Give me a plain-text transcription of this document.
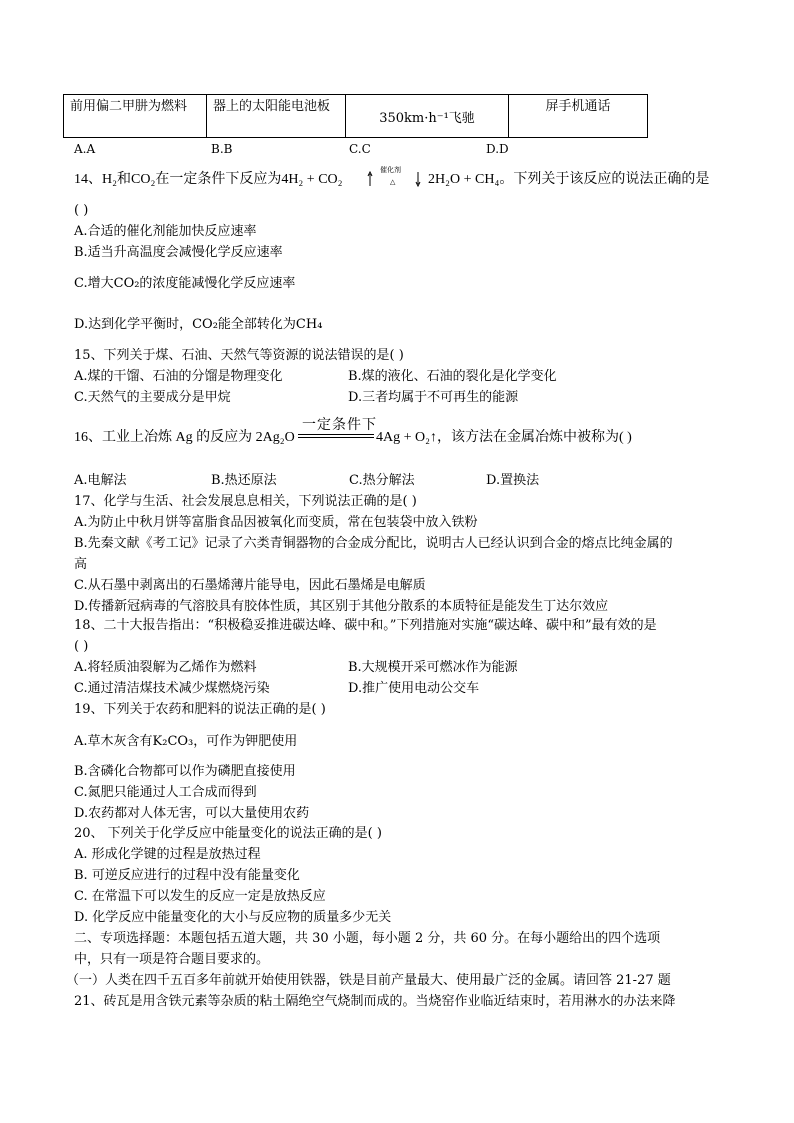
前用偏二甲肼为燃料	器上的太阳能电池板	350km·h⁻¹飞驰	屏手机通话
A.A	B.B	C.C	D.D
14、H₂和CO₂在一定条件下反应为4H₂ + CO₂
催化剂
△ 2H₂O + CH₄。下列关于该反应的说法正确的是
( )
A.合适的催化剂能加快反应速率
B.适当升高温度会减慢化学反应速率
C.增大CO₂的浓度能减慢化学反应速率
D.达到化学平衡时，CO₂能全部转化为CH₄
15、下列关于煤、石油、天然气等资源的说法错误的是( )
A.煤的干馏、石油的分馏是物理变化	B.煤的液化、石油的裂化是化学变化
C.天然气的主要成分是甲烷	D.三者均属于不可再生的能源
16、工业上冶炼 Ag 的反应为 2Ag₂O
一定条件下
4Ag + O₂↑，该方法在金属冶炼中被称为( )
A.电解法	B.热还原法	C.热分解法	D.置换法
17、化学与生活、社会发展息息相关，下列说法正确的是( )
A.为防止中秋月饼等富脂食品因被氧化而变质，常在包装袋中放入铁粉
B.先秦文献《考工记》记录了六类青铜器物的合金成分配比，说明古人已经认识到合金的熔点比纯金属的
高
C.从石墨中剥离出的石墨烯薄片能导电，因此石墨烯是电解质
D.传播新冠病毒的气溶胶具有胶体性质，其区别于其他分散系的本质特征是能发生丁达尔效应
18、二十大报告指出：“积极稳妥推进碳达峰、碳中和。”下列措施对实施“碳达峰、碳中和”最有效的是
( )
A.将轻质油裂解为乙烯作为燃料	B.大规模开采可燃冰作为能源
C.通过清洁煤技术减少煤燃烧污染	D.推广使用电动公交车
19、下列关于农药和肥料的说法正确的是( )
A.草木灰含有K₂CO₃，可作为钾肥使用
B.含磷化合物都可以作为磷肥直接使用
C.氮肥只能通过人工合成而得到
D.农药都对人体无害，可以大量使用农药
20、 下列关于化学反应中能量变化的说法正确的是( )
A. 形成化学键的过程是放热过程
B. 可逆反应进行的过程中没有能量变化
C. 在常温下可以发生的反应一定是放热反应
D. 化学反应中能量变化的大小与反应物的质量多少无关
二、专项选择题：本题包括五道大题，共 30 小题，每小题 2 分，共 60 分。在每小题给出的四个选项
中，只有一项是符合题目要求的。
（一）人类在四千五百多年前就开始使用铁器，铁是目前产量最大、使用最广泛的金属。请回答 21-27 题
21、砖瓦是用含铁元素等杂质的粘土隔绝空气烧制而成的。当烧窑作业临近结束时，若用淋水的办法来降
